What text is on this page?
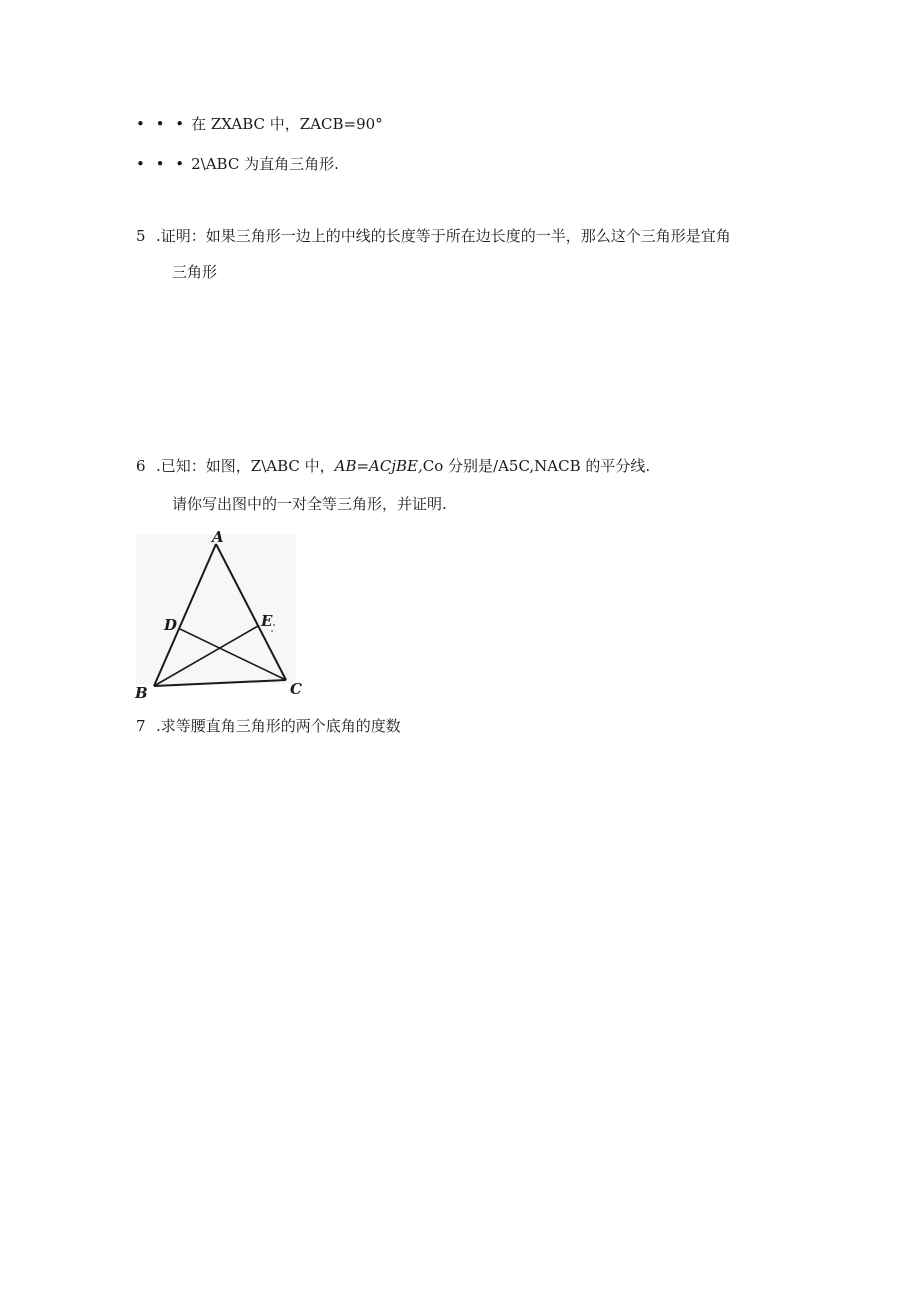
• • • 在 ZXABC 中，ZACB=90°
• • • 2\ABC 为直角三角形.
5 .证明：如果三角形一边上的中线的长度等于所在边长度的一半，那么这个三角形是宜角
三角形
6 .已知：如图，Z\ABC 中，AB=ACjBE,Co 分别是/A5C,NACB 的平分线.
请你写出图中的一对全等三角形，并证明.
A
B	C
D	E
7 .求等腰直角三角形的两个底角的度数
